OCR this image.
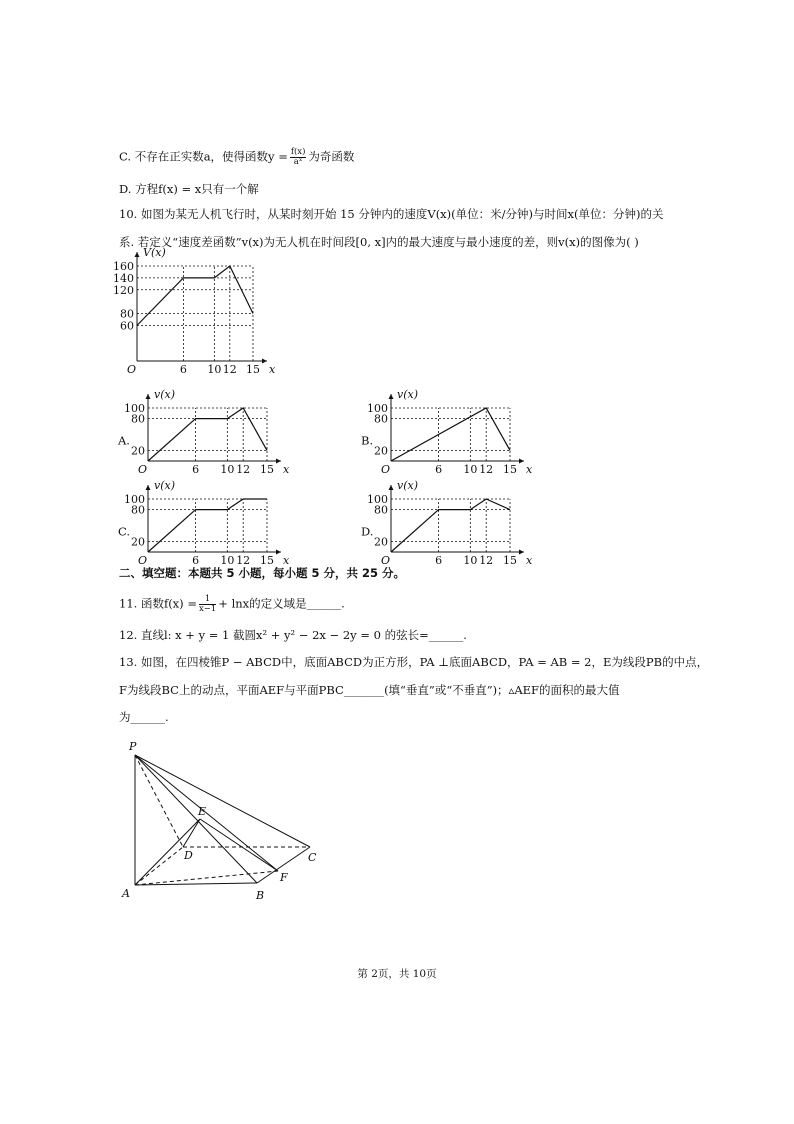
C. 不存在正实数a，使得函数$y = \frac{f(x)}{\text{aˣ}}$ 为奇函数
D. 方程f(x) = x只有一个解
10. 如图为某无人机飞行时，从某时刻开始 15 分钟内的速度V(x)(单位：米/分钟)与时间x(单位：分钟)的关
系. 若定义“速度差函数”v(x)为无人机在时间段[0, x]内的最大速度与最小速度的差，则v(x)的图像为( )
60
80
120
140
160
6 10 12 15
O	x
V(x)
20
80
100
6 10 12 15
O	x
v(x)
A.
20
80
100
6 10 12 15
O	x
v(x)
B.
20
80
100
6 10 12 15
O	x
v(x)
C.
20
80
100
6 10 12 15
O	x
v(x)
D.
二、填空题：本题共 5 小题，每小题 5 分，共 25 分。
11. 函数$f(x) = \frac{1}{x-1} + \ln x$的定义域是______.
12. 直线l: x + y = 1 截圆x² + y² − 2x − 2y = 0 的弦长=______.
13. 如图，在四棱锥P − ABCD中，底面ABCD为正方形，PA ⊥底面ABCD，PA = AB = 2，E为线段PB的中点，
F为线段BC上的动点，平面AEF与平面PBC_______(填“垂直”或“不垂直”)；▵AEF的面积的最大值
为______.
P
A	B
C
D
E
F
第 2页，共 10页
